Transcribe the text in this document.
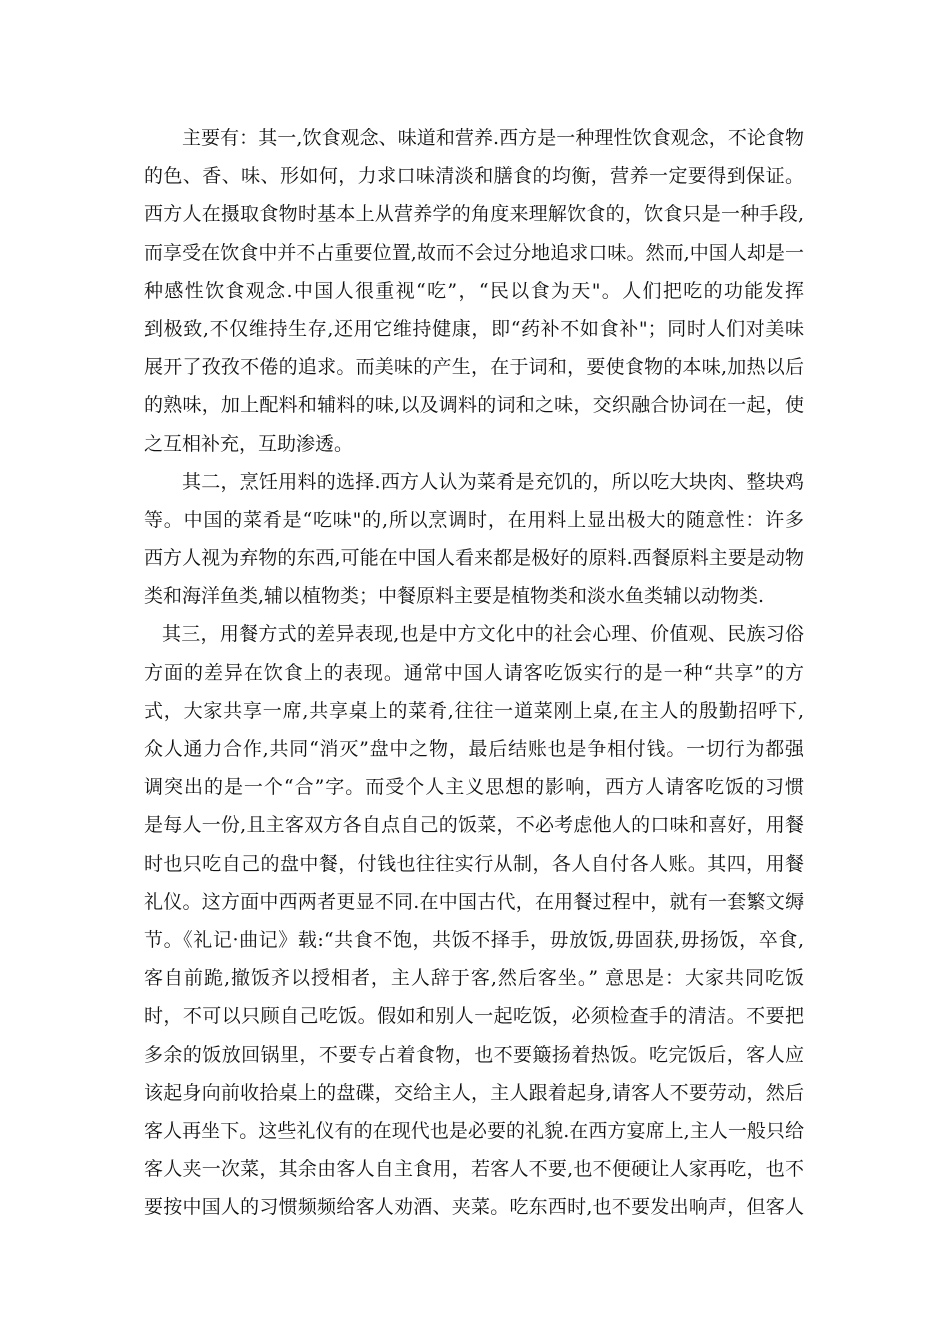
主要有：其一,饮食观念、味道和营养.西方是一种理性饮食观念，不论食物
的色、香、味、形如何，力求口味清淡和膳食的均衡，营养一定要得到保证。
西方人在摄取食物时基本上从营养学的角度来理解饮食的，饮食只是一种手段,
而享受在饮食中并不占重要位置,故而不会过分地追求口味。然而,中国人却是一
种感性饮食观念.中国人很重视“吃”，“民以食为天"。人们把吃的功能发挥
到极致,不仅维持生存,还用它维持健康，即“药补不如食补"；同时人们对美味
展开了孜孜不倦的追求。而美味的产生，在于词和，要使食物的本味,加热以后
的熟味，加上配料和辅料的味,以及调料的词和之味，交织融合协词在一起，使
之互相补充，互助渗透。
其二，烹饪用料的选择.西方人认为菜肴是充饥的，所以吃大块肉、整块鸡
等。中国的菜肴是“吃味"的,所以烹调时，在用料上显出极大的随意性：许多
西方人视为弃物的东西,可能在中国人看来都是极好的原料.西餐原料主要是动物
类和海洋鱼类,辅以植物类；中餐原料主要是植物类和淡水鱼类辅以动物类.
其三，用餐方式的差异表现,也是中方文化中的社会心理、价值观、民族习俗
方面的差异在饮食上的表现。通常中国人请客吃饭实行的是一种“共享”的方
式，大家共享一席,共享桌上的菜肴,往往一道菜刚上桌,在主人的殷勤招呼下,
众人通力合作,共同“消灭”盘中之物，最后结账也是争相付钱。一切行为都强
调突出的是一个“合”字。而受个人主义思想的影响，西方人请客吃饭的习惯
是每人一份,且主客双方各自点自己的饭菜，不必考虑他人的口味和喜好，用餐
时也只吃自己的盘中餐，付钱也往往实行从制，各人自付各人账。其四，用餐
礼仪。这方面中西两者更显不同.在中国古代，在用餐过程中，就有一套繁文缛
节。《礼记·曲记》载:“共食不饱，共饭不择手，毋放饭,毋固获,毋扬饭，卒食,
客自前跪,撤饭齐以授相者，主人辞于客,然后客坐。” 意思是：大家共同吃饭
时，不可以只顾自己吃饭。假如和别人一起吃饭，必须检查手的清洁。不要把
多余的饭放回锅里，不要专占着食物，也不要簸扬着热饭。吃完饭后，客人应
该起身向前收拾桌上的盘碟，交给主人，主人跟着起身,请客人不要劳动，然后
客人再坐下。这些礼仪有的在现代也是必要的礼貌.在西方宴席上,主人一般只给
客人夹一次菜，其余由客人自主食用，若客人不要,也不便硬让人家再吃，也不
要按中国人的习惯频频给客人劝酒、夹菜。吃东西时,也不要发出响声，但客人
